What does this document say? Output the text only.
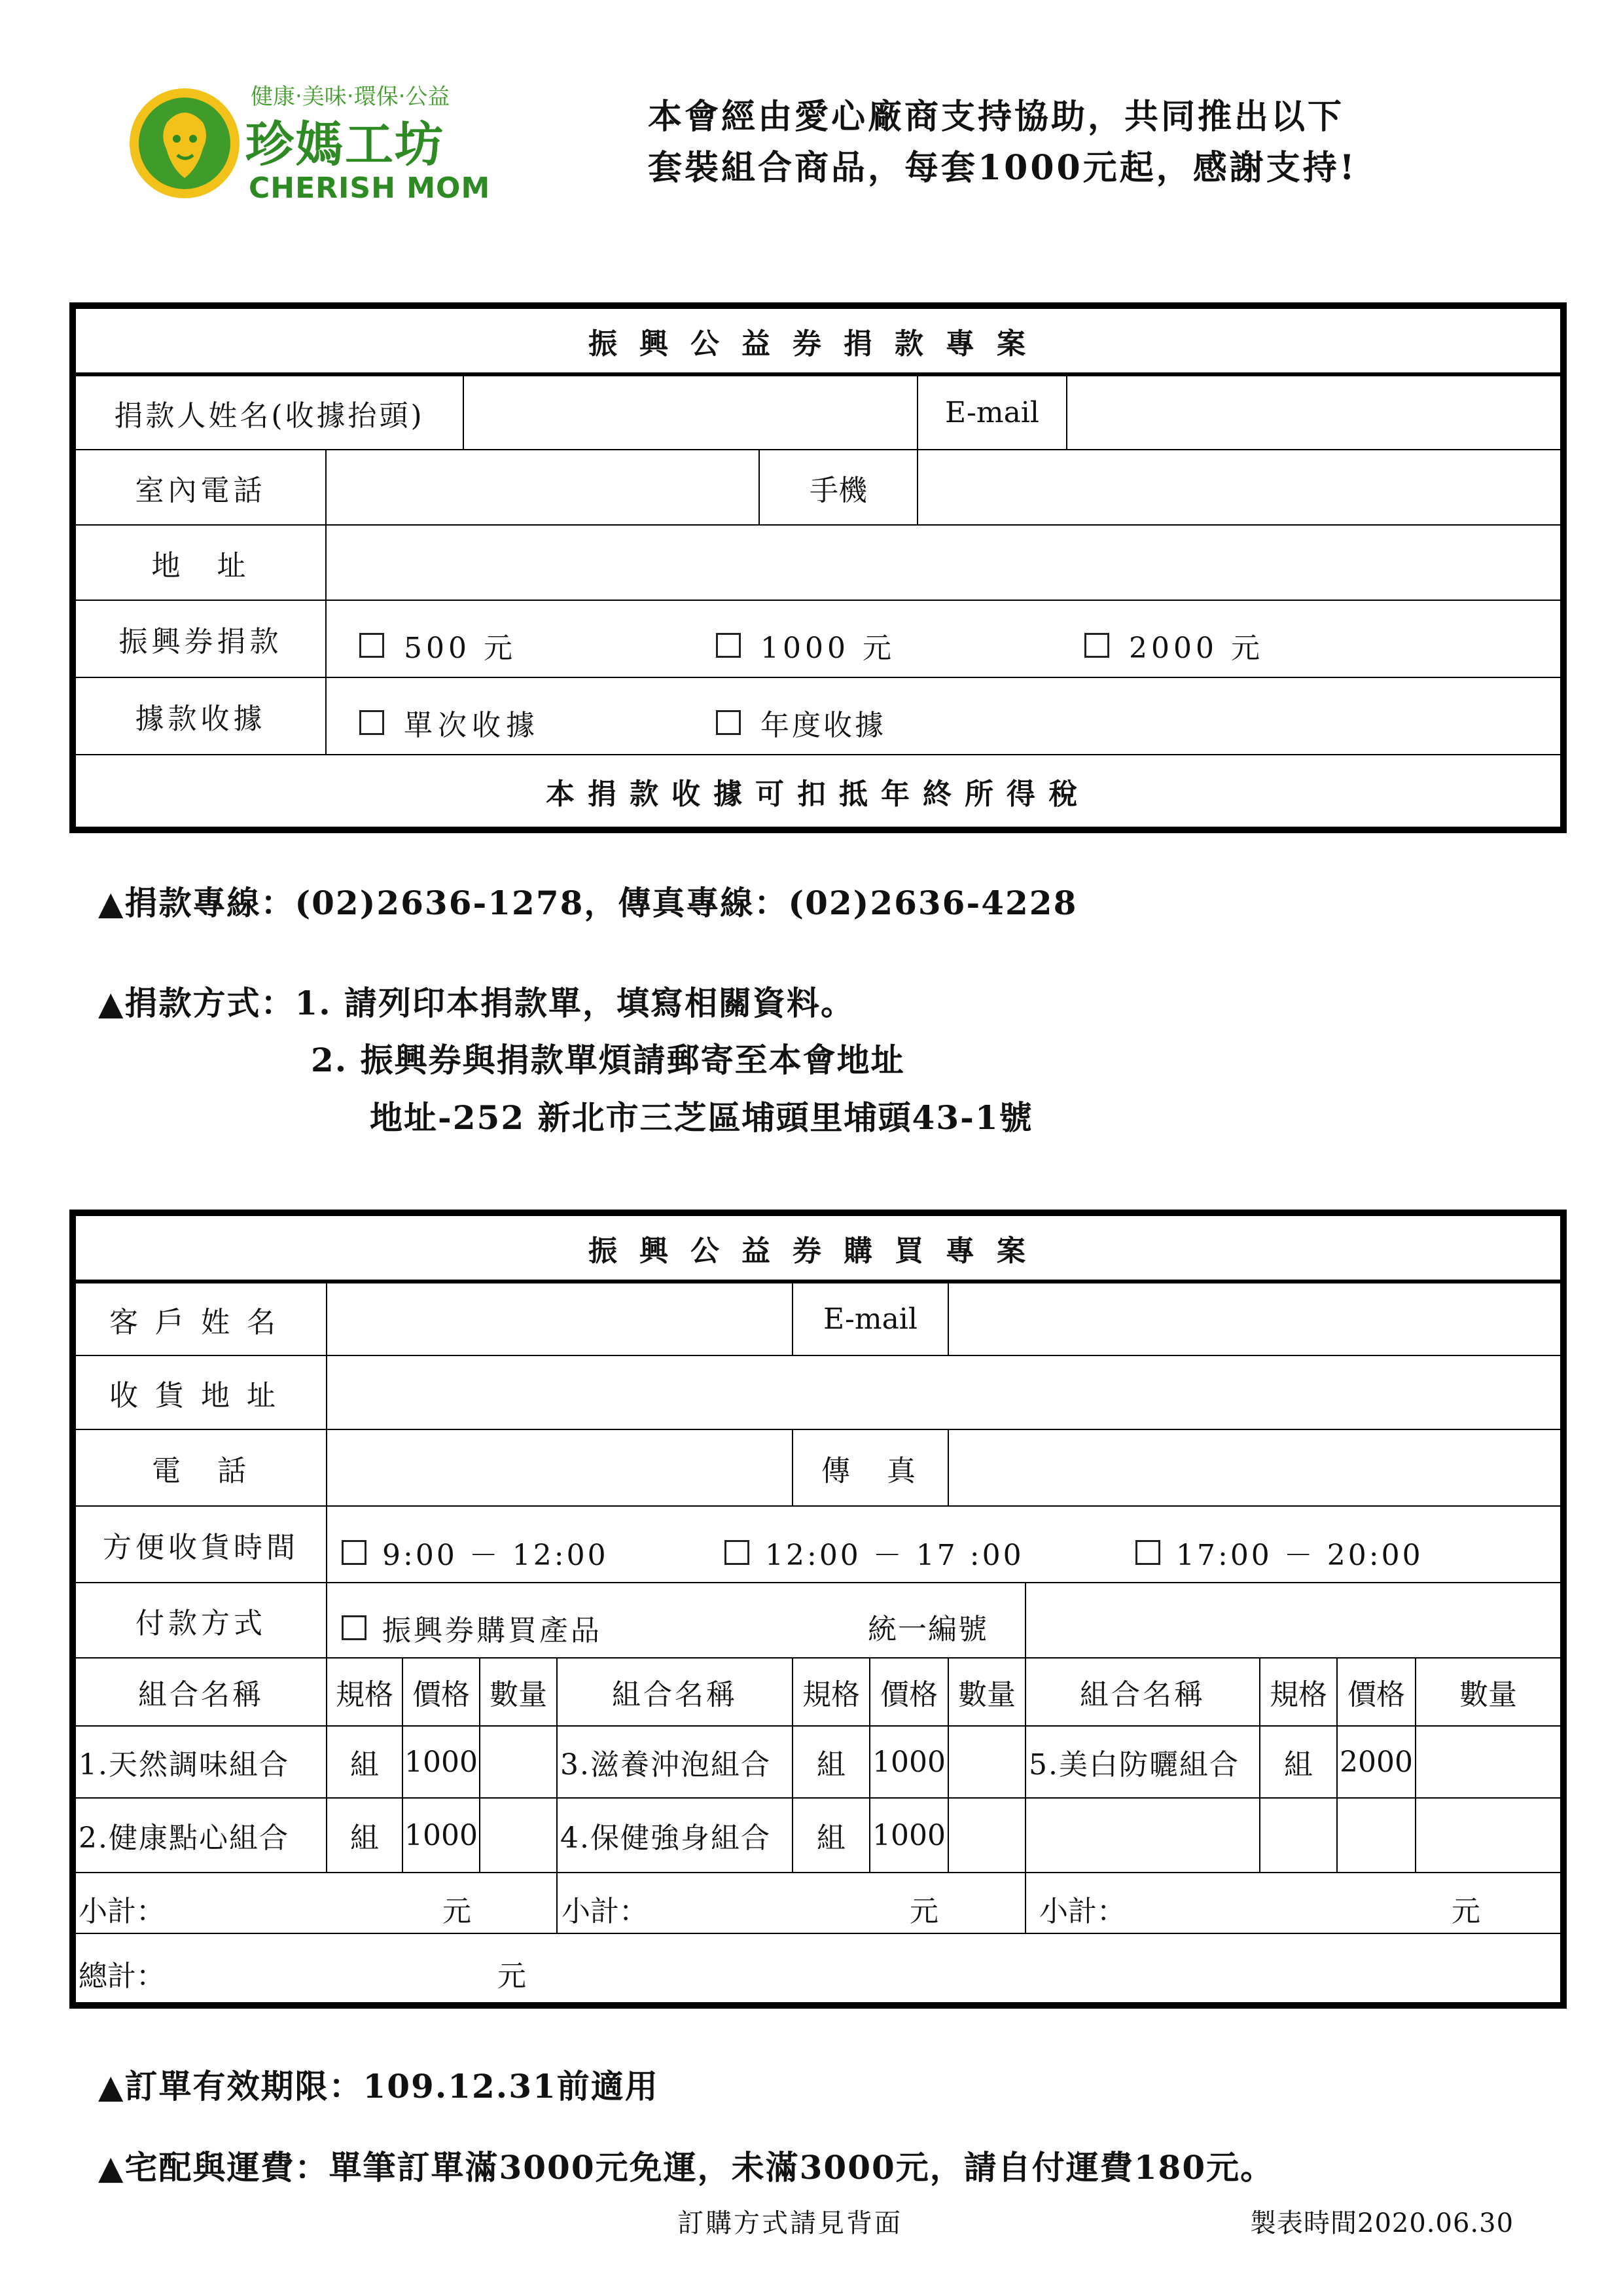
健康‧美味‧環保‧公益
珍媽工坊
CHERISH MOM
本會經由愛心廠商支持協助，共同推出以下
套裝組合商品，每套1000元起，感謝支持!
振興公益券捐款專案					
捐款人姓名(收據抬頭)				E-mail	
室內電話			手機		
地　址					
振興券捐款	500 元 1000 元 2000 元				

據款收據	單次收據 年度收據				

本捐款收據可扣抵年終所得稅					
▲捐款專線：(02)2636-1278，傳真專線：(02)2636-4228
▲捐款方式：1. 請列印本捐款單，填寫相關資料。
2. 振興券與捐款單煩請郵寄至本會地址
地址-252 新北市三芝區埔頭里埔頭43-1號
振興公益券購買專案											
客戶姓名					E-mail						
收貨地址											
電　話					傳　真						
方便收貨時間	9:00 － 12:00 12:00 － 17 :00 17:00 － 20:00										

付款方式	振興券購買產品 統一編號										

組合名稱	規格	價格	數量	組合名稱	規格	價格	數量	組合名稱	規格	價格	數量
1.天然調味組合	組	1000		3.滋養沖泡組合	組	1000		5.美白防曬組合	組	2000	
2.健康點心組合	組	1000		4.保健強身組合	組	1000					

小計： 元				小計： 元				小計： 元			

總計： 元											
▲訂單有效期限：109.12.31前適用
▲宅配與運費：單筆訂單滿3000元免運，未滿3000元，請自付運費180元。
訂購方式請見背面	製表時間2020.06.30
